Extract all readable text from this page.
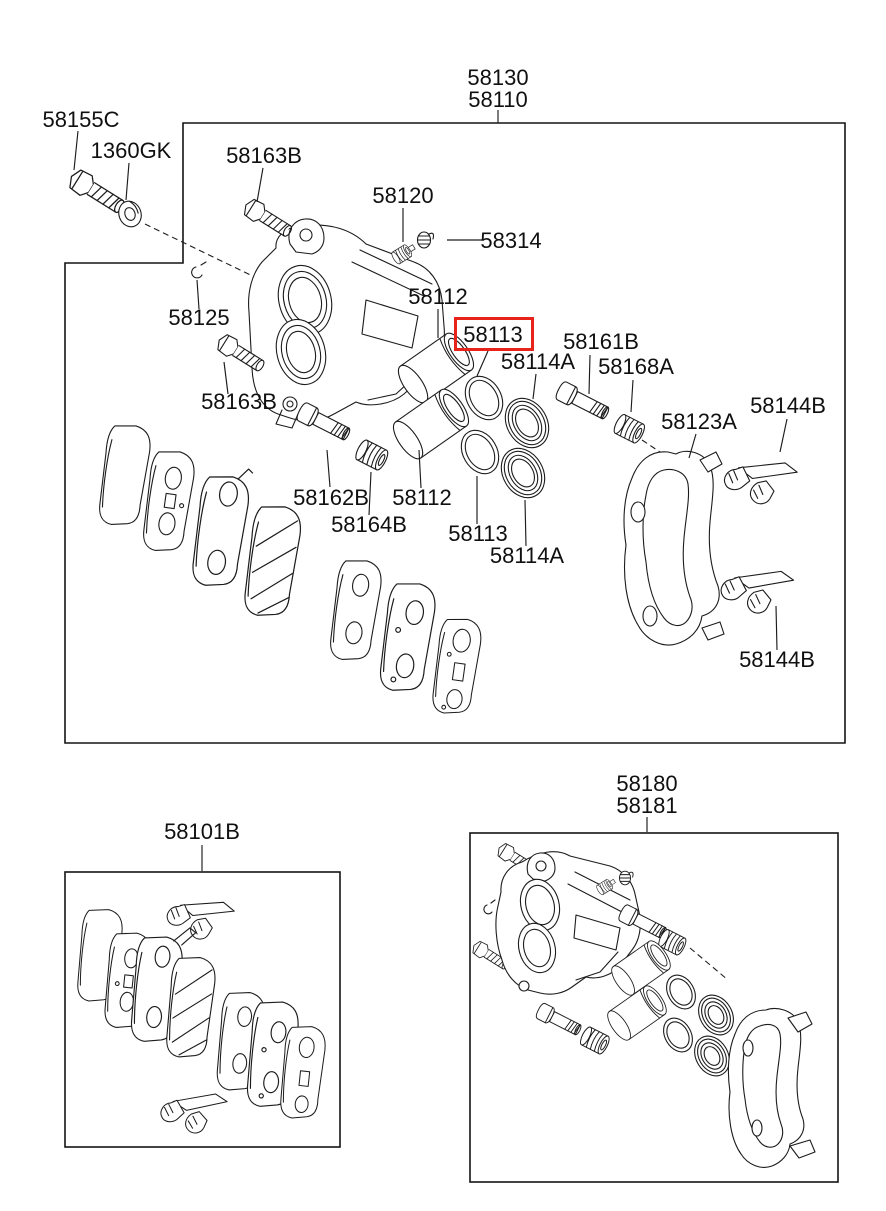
58130
58110
58155C
1360GK 58163B
58120
58314
58125
58112
58113
58114A
58161B
58168A
58123A
58144B
58163B
58162B 58112
58164B 58113
58114A
58144B
58101B
58180
58181
